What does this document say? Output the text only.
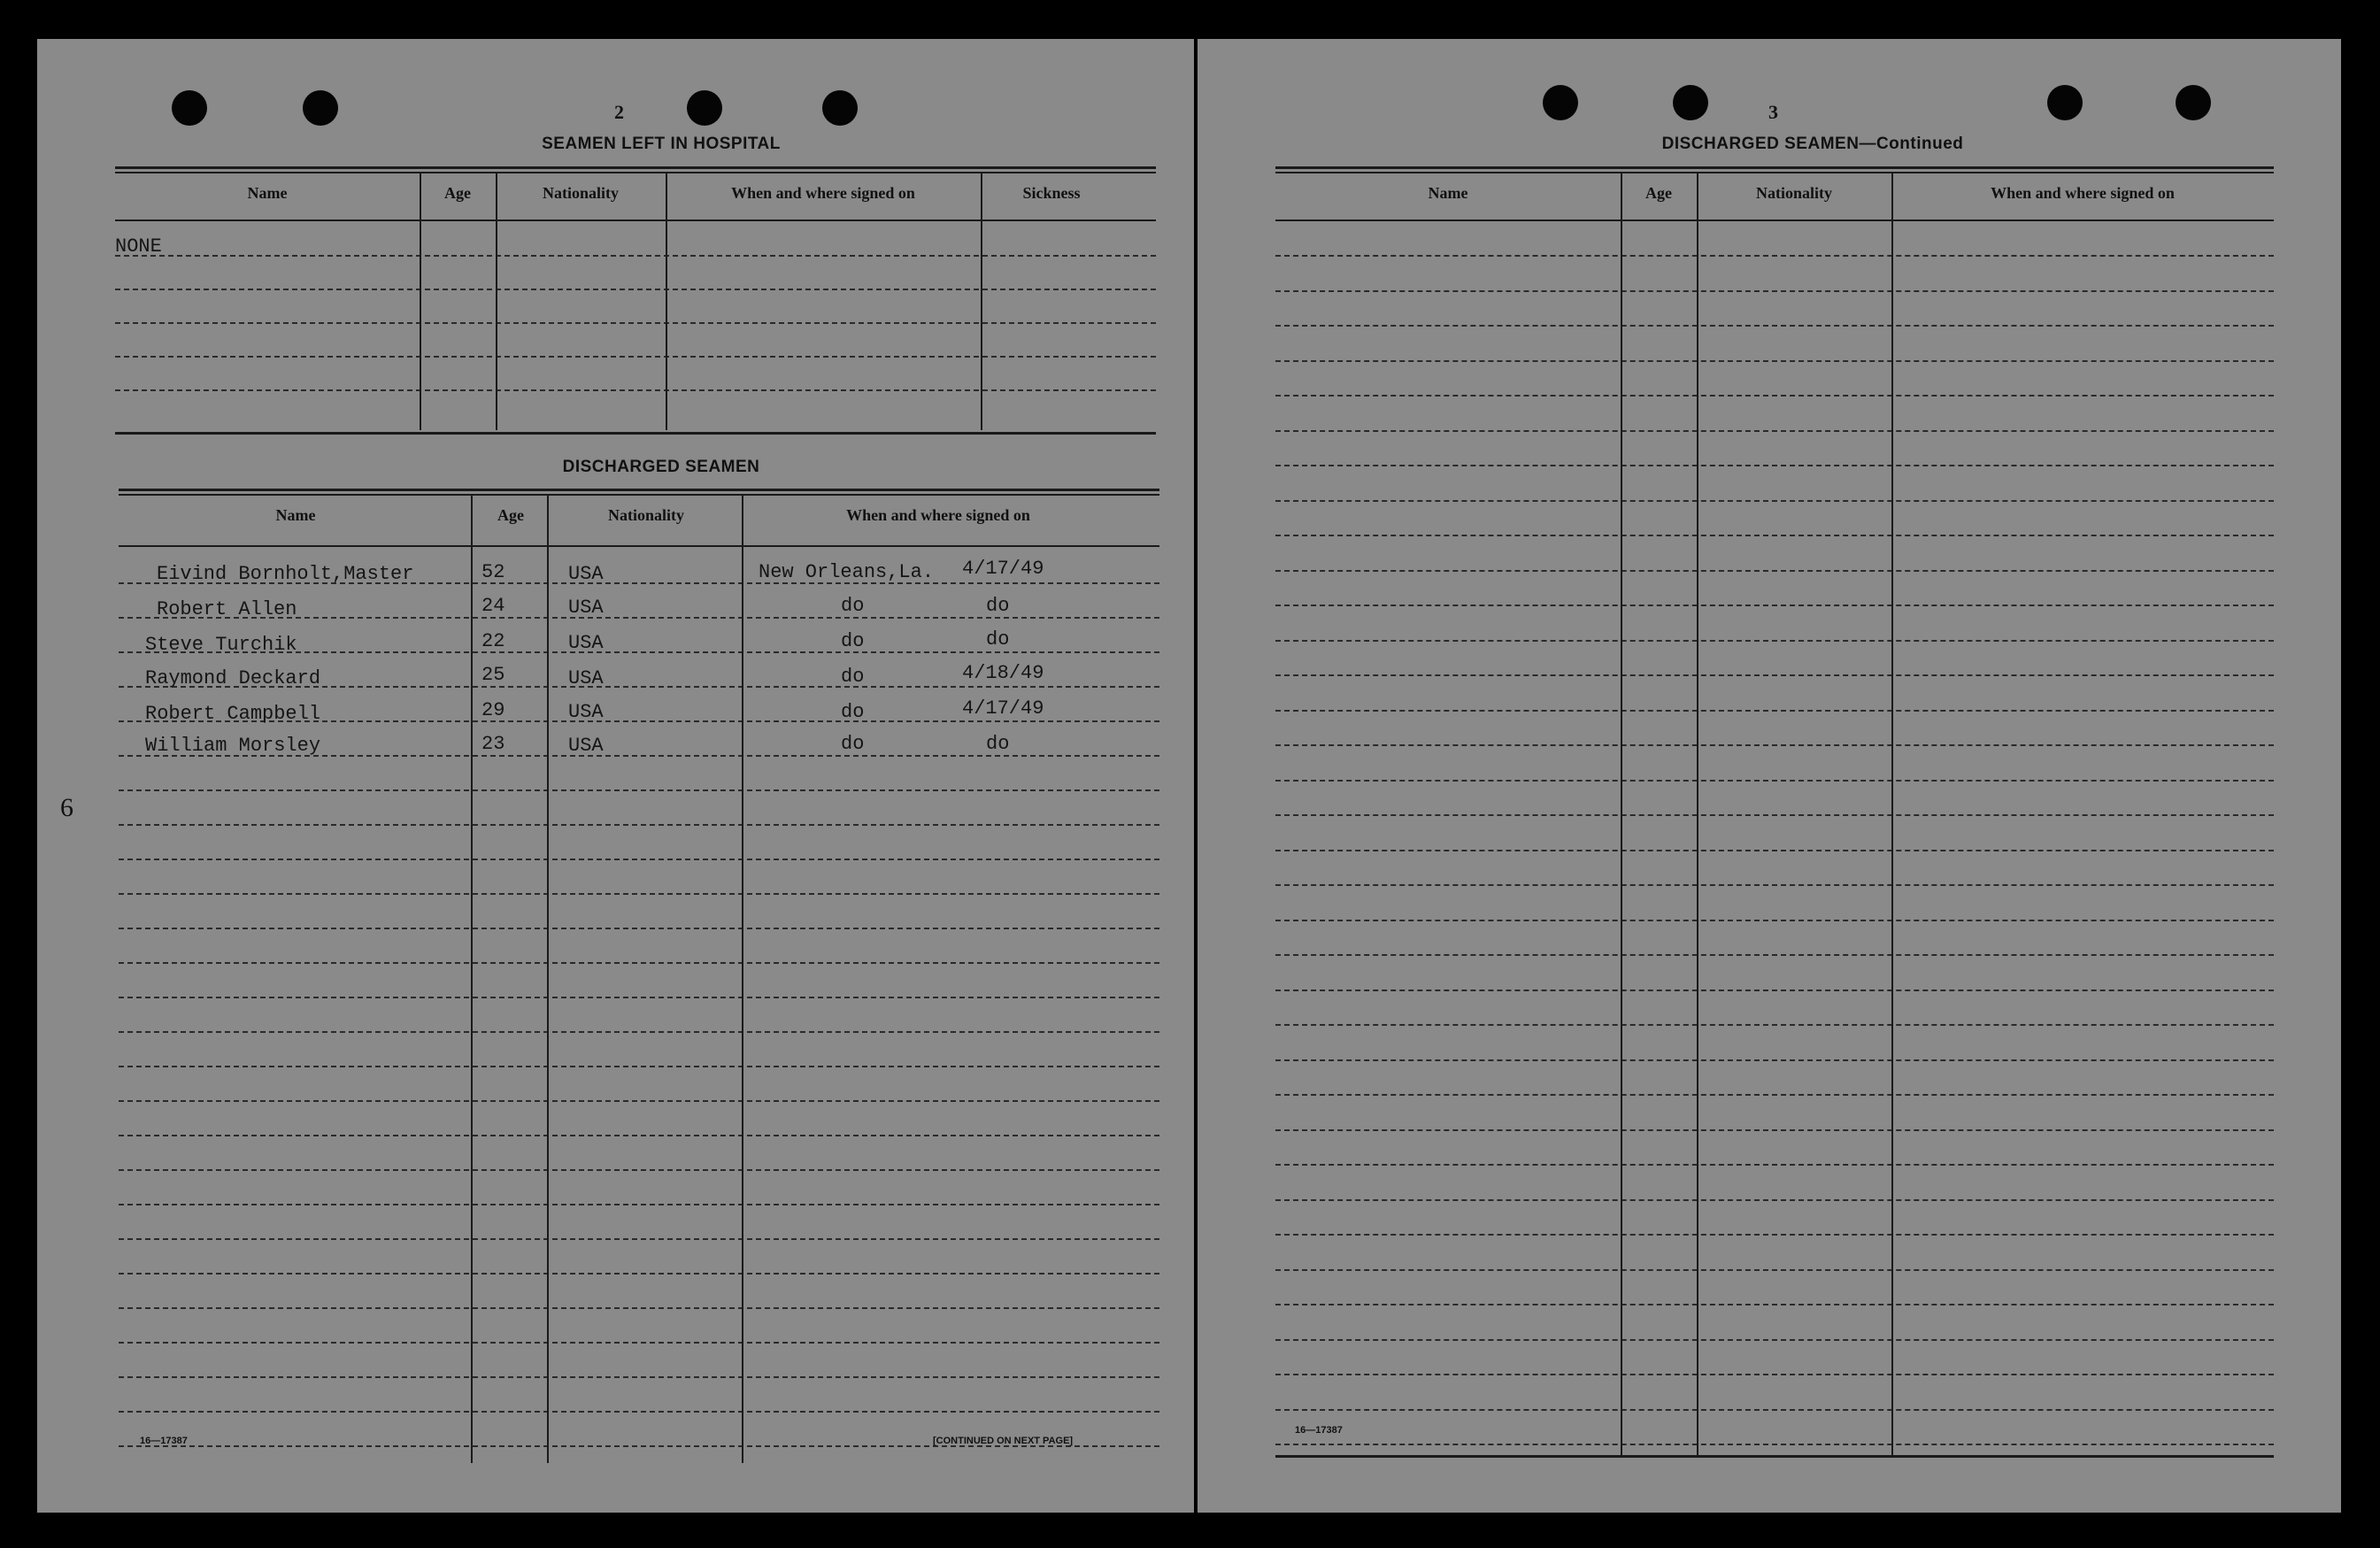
2
SEAMEN LEFT IN HOSPITAL
Name	Age	Nationality	When and where signed on	Sickness
NONE
DISCHARGED SEAMEN
Name	Age	Nationality	When and where signed on
Eivind Bornholt,Master	52	USA	New Orleans,La. 4/17/49
Robert Allen	24	USA	do	do
Steve Turchik	22	USA	do	do
Raymond Deckard	25	USA	do	4/18/49
Robert Campbell	29	USA	do	4/17/49
William Morsley	23	USA	do	do
6
16—17387	[CONTINUED ON NEXT PAGE]
3
DISCHARGED SEAMEN—Continued
Name	Age	Nationality	When and where signed on
16—17387
